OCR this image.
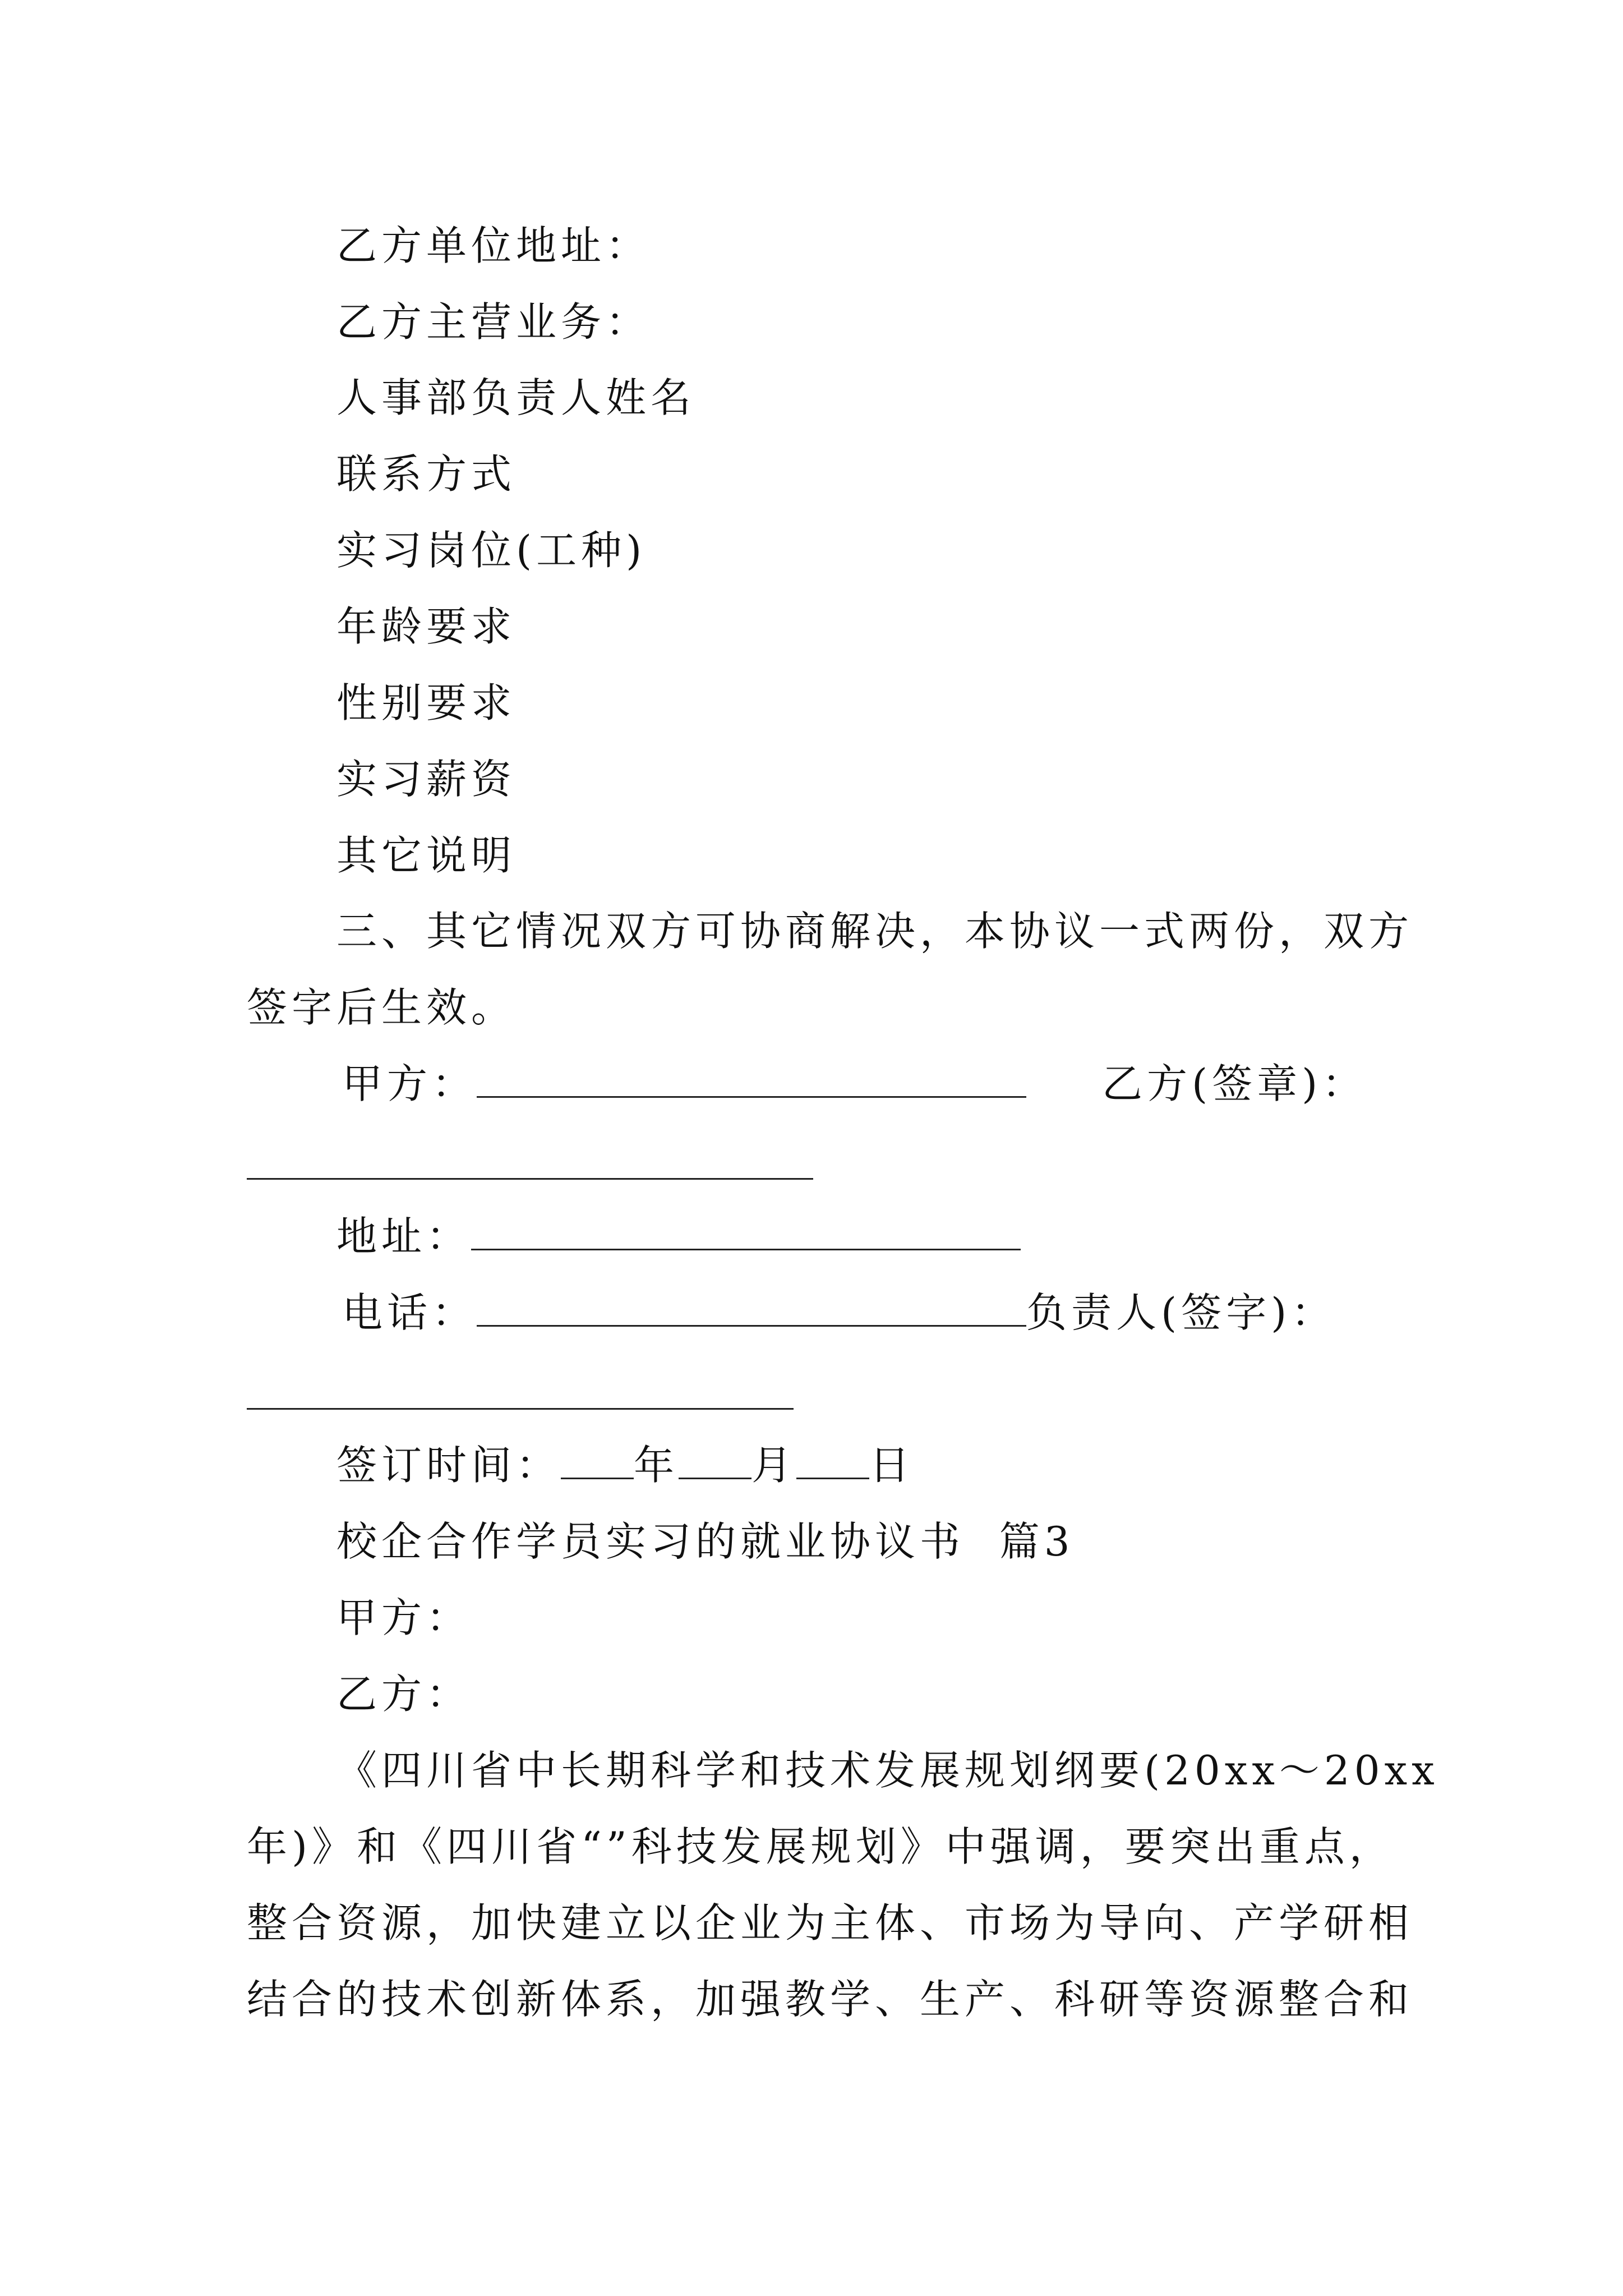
乙方单位地址：

乙方主营业务：

人事部负责人姓名

联系方式

实习岗位(工种)

年龄要求

性别要求

实习薪资

其它说明

三、其它情况双方可协商解决，本协议一式两份，双方

签字后生效。

甲方：	乙方(签章)：

地址：

电话：	负责人(签字)：

签订时间： 年 月 日

校企合作学员实习的就业协议书  篇3

甲方：

乙方：

《四川省中长期科学和技术发展规划纲要(20xx～20xx

年)》和《四川省“”科技发展规划》中强调，要突出重点，

整合资源，加快建立以企业为主体、市场为导向、产学研相

结合的技术创新体系，加强教学、生产、科研等资源整合和
